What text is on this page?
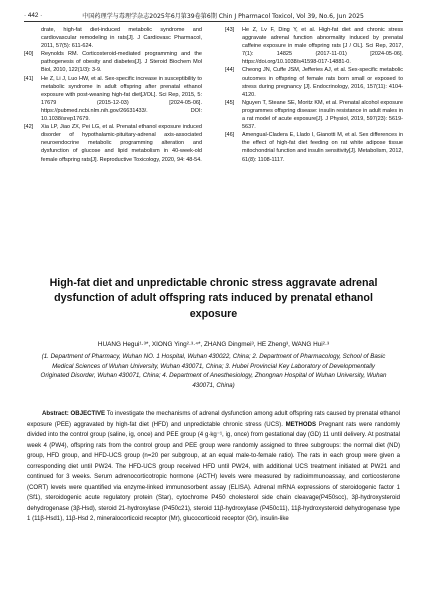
· 442 ·	中国药理学与毒理学杂志2025年6月第39卷第6期 Chin J Pharmacol Toxicol, Vol 39, No.6, Jun 2025
drate, high-fat diet-induced metabolic syndrome and cardiovascular remodeling in rats[J]. J Cardiovasc Pharmacol, 2011, 57(5): 611-624.
[40]	Reynolds RM. Corticosteroid-mediated programming and the pathogenesis of obesity and diabetes[J]. J Steroid Biochem Mol Biol, 2010, 122(1/3): 3-9.
[41]	He Z, Li J, Luo HW, et al. Sex-specific increase in susceptibility to metabolic syndrome in adult offspring after prenatal ethanol exposure with post-weaning high-fat diet[J/OL]. Sci Rep, 2015, 5: 17679 (2015-12-03) [2024-05-06]. https://pubmed.ncbi.nlm.nih.gov/26631433/. DOI: 10.1038/srep17679.
[42]	Xia LP, Jiao ZX, Pei LG, et al. Prenatal ethanol exposure induced disorder of hypothalamic-pituitary-adrenal axis-associated neuroendocrine metabolic programming alteration and dysfunction of glucose and lipid metabolism in 40-week-old female offspring rats[J]. Reproductive Toxicology, 2020, 94: 48-54.
[43]	He Z, Lv F, Ding Y, et al. High-fat diet and chronic stress aggravate adrenal function abnormality induced by prenatal caffeine exposure in male offspring rats [J / OL]. Sci Rep, 2017, 7(1): 14825 (2017-11-01) [2024-05-06]. https://doi.org/10.1038/s41598-017-14881-0.
[44]	Cheong JN, Cuffe JSM, Jefferies AJ, et al. Sex-specific metabolic outcomes in offspring of female rats born small or exposed to stress during pregnancy [J]. Endocrinology, 2016, 157(11): 4104-4120.
[45]	Nguyen T, Steane SE, Moritz KM, et al. Prenatal alcohol exposure programmes offspring disease: insulin resistance in adult males in a rat model of acute exposure[J]. J Physiol, 2019, 597(23): 5619-5637.
[46]	Amengual-Cladera E, Llado I, Gianotti M, et al. Sex differences in the effect of high-fat diet feeding on rat white adipose tissue mitochondrial function and insulin sensitivity[J]. Metabolism, 2012, 61(8): 1108-1117.
High-fat diet and unpredictable chronic stress aggravate adrenal dysfunction of adult offspring rats induced by prenatal ethanol exposure
HUANG Hegui¹·³*, XIONG Ying²·³·⁴*, ZHANG Dingmei³, HE Zheng³, WANG Hui²·³
(1. Department of Pharmacy, Wuhan NO. 1 Hospital, Wuhan 430022, China; 2. Department of Pharmacology, School of Basic Medical Sciences of Wuhan University, Wuhan 430071, China; 3. Hubei Provincial Key Laboratory of Developmentally Originated Disorder, Wuhan 430071, China; 4. Department of Anesthesiology, Zhongnan Hospital of Wuhan University, Wuhan 430071, China)

Abstract: OBJECTIVE To investigate the mechanisms of adrenal dysfunction among adult offspring rats caused by prenatal ethanol exposure (PEE) aggravated by high-fat diet (HFD) and unpredictable chronic stress (UCS). METHODS Pregnant rats were randomly divided into the control group (saline, ig, once) and PEE group (4 g·kg⁻¹, ig, once) from gestational day (GD) 11 until delivery. At postnatal week 4 (PW4), offspring rats from the control group and PEE group were randomly assigned to three subgroups: the normal diet (ND) group, HFD group, and HFD-UCS group (n=20 per subgroup, at an equal male-to-female ratio). The rats in each group were given a corresponding diet until PW24. The HFD-UCS group received HFD until PW24, with additional UCS treatment initiated at PW21 and continued for 3 weeks. Serum adrenocorticotropic hormone (ACTH) levels were measured by radioimmunoassay, and corticosterone (CORT) levels were quantified via enzyme-linked immunosorbent assay (ELISA). Adrenal mRNA expressions of steroidogenic factor 1 (Sf1), steroidogenic acute regulatory protein (Star), cytochrome P450 cholesterol side chain cleavage(P450scc), 3β-hydroxysteroid dehydrogenase (3β-Hsd), steroid 21-hydroxylase (P450c21), steroid 11β-hydroxylase (P450c11), 11β-hydroxysteroid dehydrogenase type 1 (11β-Hsd1), 11β-Hsd 2, mineralocorticoid receptor (Mr), glucocorticoid receptor (Gr), insulin-like
